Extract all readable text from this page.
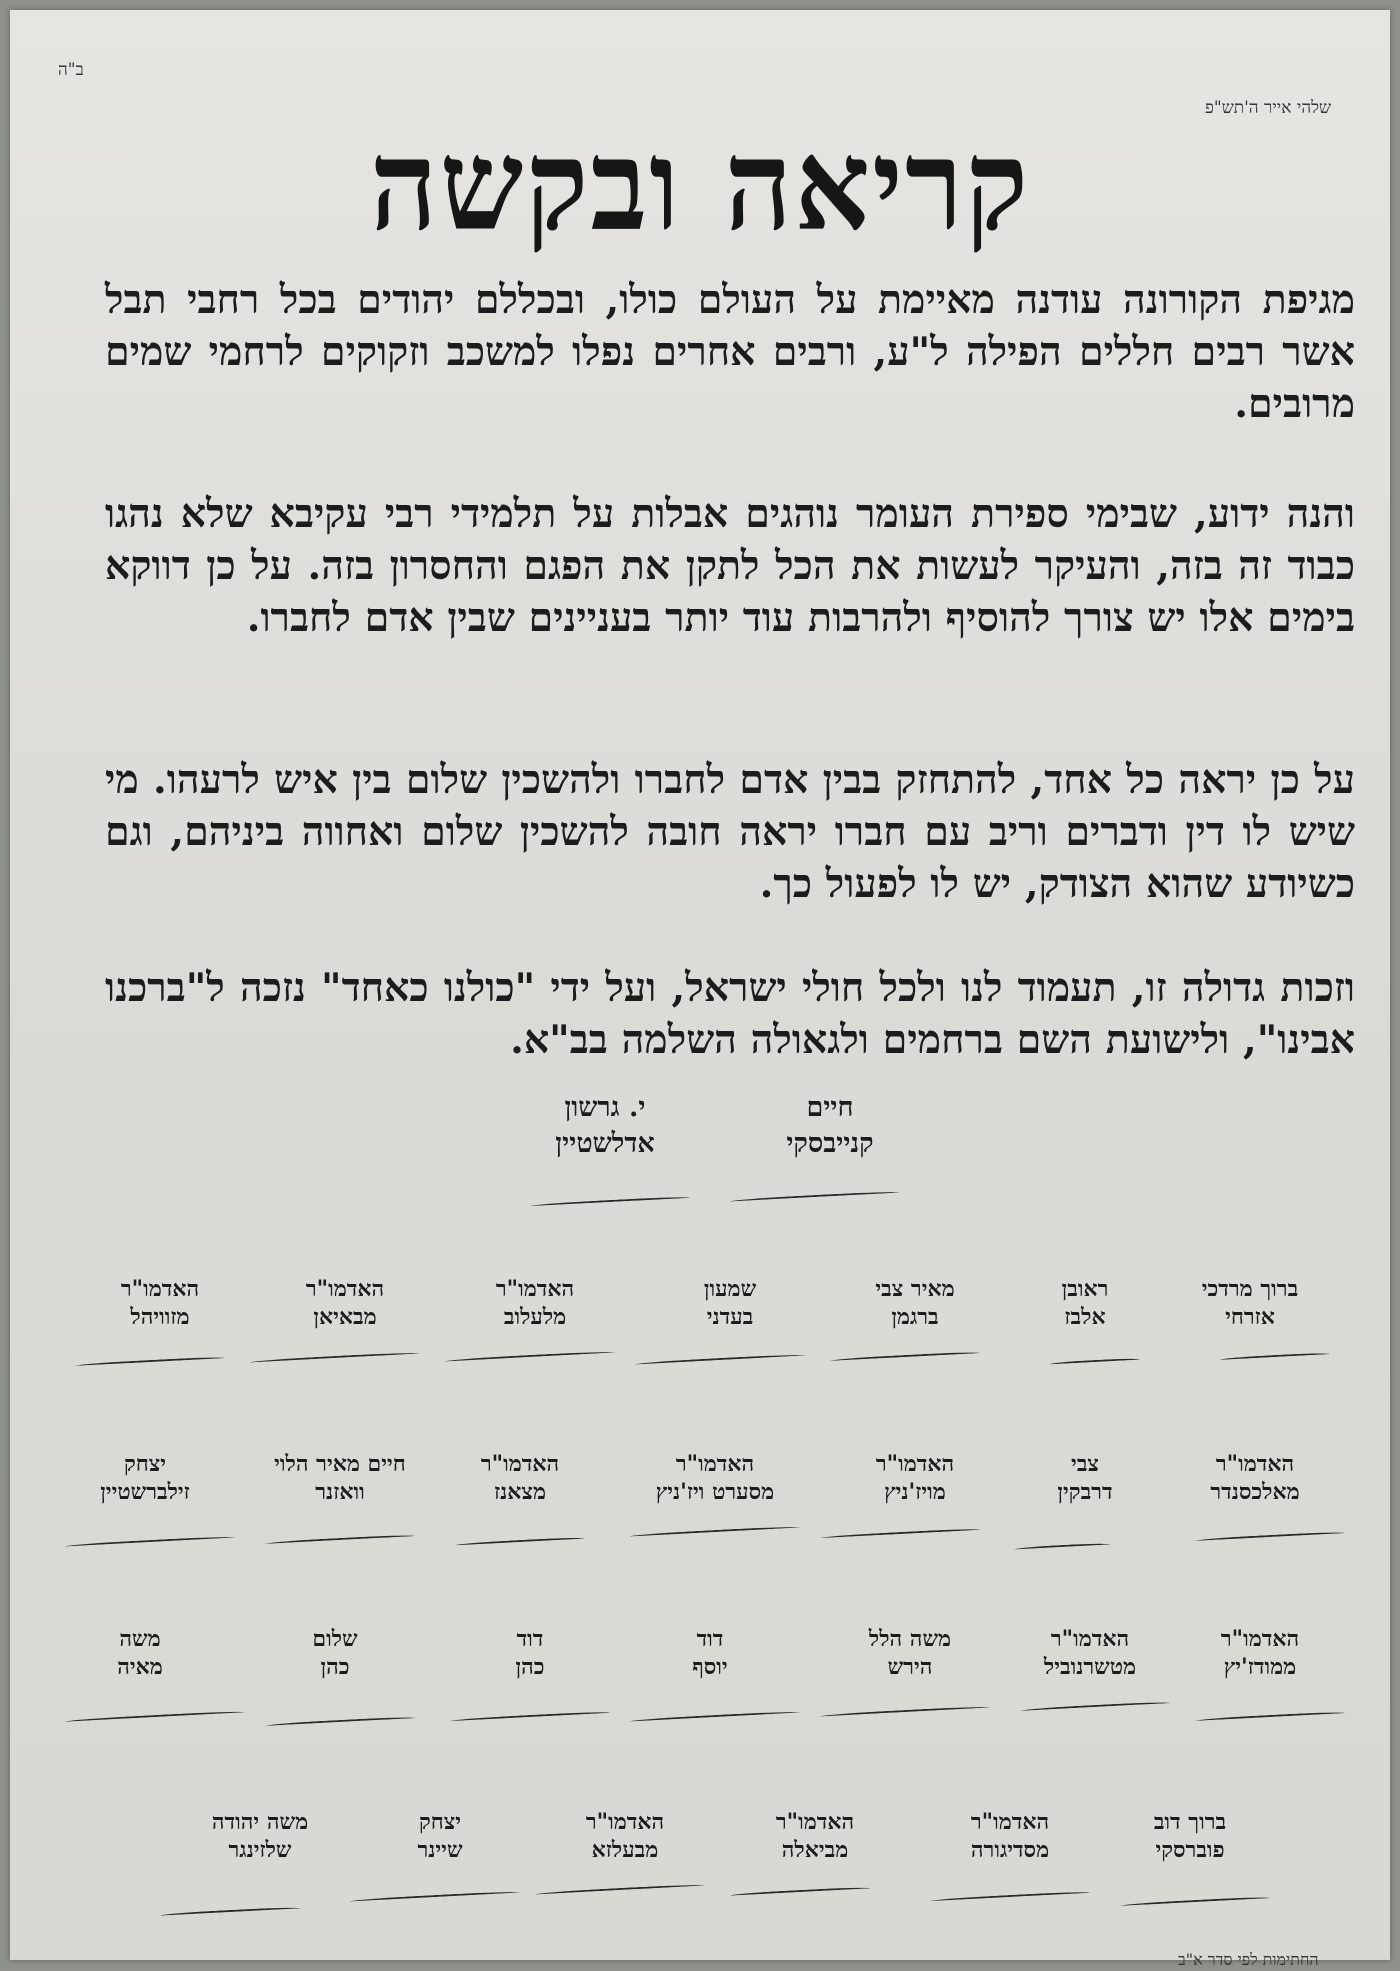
ב"ה
שלהי אייר ה'תש"פ
קריאה ובקשה
מגיפת הקורונה עודנה מאיימת על העולם כולו, ובכללם יהודים בכל רחבי תבל אשר רבים חללים הפילה ל"ע, ורבים אחרים נפלו למשכב וזקוקים לרחמי שמים מרובים.
והנה ידוע, שבימי ספירת העומר נוהגים אבלות על תלמידי רבי עקיבא שלא נהגו כבוד זה בזה, והעיקר לעשות את הכל לתקן את הפגם והחסרון בזה. על כן דווקא בימים אלו יש צורך להוסיף ולהרבות עוד יותר בעניינים שבין אדם לחברו.
על כן יראה כל אחד, להתחזק בבין אדם לחברו ולהשכין שלום בין איש לרעהו. מי שיש לו דין ודברים וריב עם חברו יראה חובה להשכין שלום ואחווה ביניהם, וגם כשיודע שהוא הצודק, יש לו לפעול כך.
וזכות גדולה זו, תעמוד לנו ולכל חולי ישראל, ועל ידי "כולנו כאחד" נזכה ל"ברכנו אבינו", ולישועת השם ברחמים ולגאולה השלמה בב"א.
חיים
קנייבסקי
י. גרשון
אדלשטיין
ברוך מרדכי
אזרחי
ראובן
אלבז
מאיר צבי
ברגמן
שמעון
בעדני
האדמו"ר
מלעלוב
האדמו"ר
מבאיאן
האדמו"ר
מזוויהל
האדמו"ר
מאלכסנדר
צבי
דרבקין
האדמו"ר
מויז'ניץ
האדמו"ר
מסערט ויז'ניץ
האדמו"ר
מצאנז
חיים מאיר הלוי
וואזנר
יצחק
זילברשטיין
האדמו"ר
ממודז'יץ
האדמו"ר
מטשרנוביל
משה הלל
הירש
דוד
יוסף
דוד
כהן
שלום
כהן
משה
מאיה
ברוך דוב
פוברסקי
האדמו"ר
מסדיגורה
האדמו"ר
מביאלה
האדמו"ר
מבעלזא
יצחק
שיינר
משה יהודה
שלזינגר
החתימות לפי סדר א"ב
